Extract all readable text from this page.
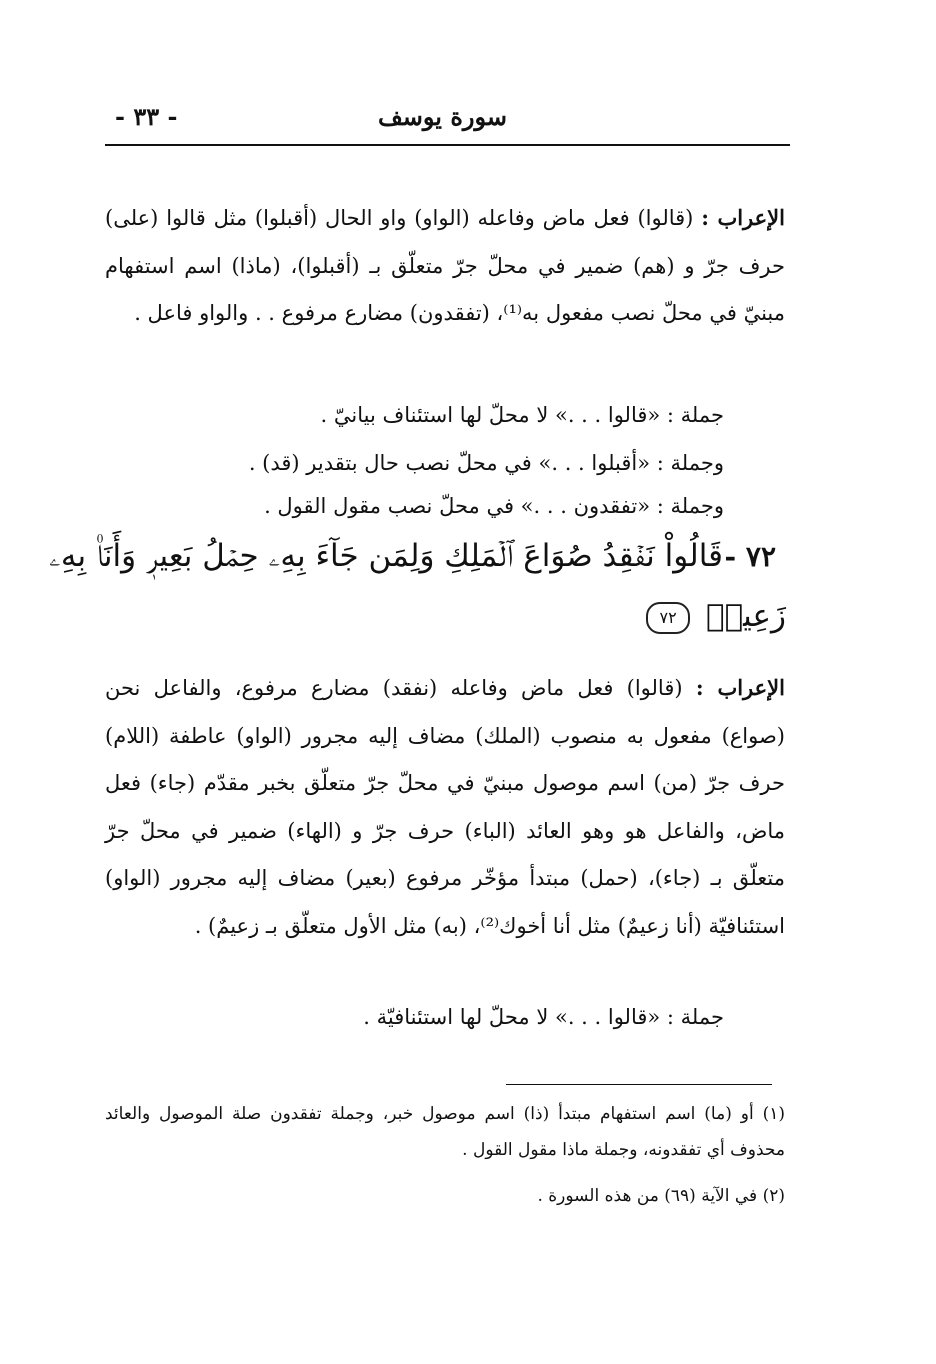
سورة يوسف
- ٣٣ -
الإعراب : (قالوا) فعل ماض وفاعله (الواو) واو الحال (أقبلوا) مثل قالوا (على) حرف جرّ و (هم) ضمير في محلّ جرّ متعلّق بـ (أقبلوا)، (ماذا) اسم استفهام مبنيّ في محلّ نصب مفعول به⁽¹⁾، (تفقدون) مضارع مرفوع . . والواو فاعل .
جملة : «قالوا . . .» لا محلّ لها استئناف بيانيّ .
وجملة : «أقبلوا . . .» في محلّ نصب حال بتقدير (قد) .
وجملة : «تفقدون . . .» في محلّ نصب مقول القول .
٧٢ -
قَالُواْ نَفۡقِدُ صُوَاعَ ٱلۡمَلِكِ وَلِمَن جَآءَ بِهِۦ حِمۡلُ بَعِيرٖ وَأَنَا۠ بِهِۦ
زَعِيمٞ ٧٢
الإعراب : (قالوا) فعل ماض وفاعله (نفقد) مضارع مرفوع، والفاعل نحن (صواع) مفعول به منصوب (الملك) مضاف إليه مجرور (الواو) عاطفة (اللام) حرف جرّ (من) اسم موصول مبنيّ في محلّ جرّ متعلّق بخبر مقدّم (جاء) فعل ماض، والفاعل هو وهو العائد (الباء) حرف جرّ و (الهاء) ضمير في محلّ جرّ متعلّق بـ (جاء)، (حمل) مبتدأ مؤخّر مرفوع (بعير) مضاف إليه مجرور (الواو) استئنافيّة (أنا زعيمٌ) مثل أنا أخوك⁽²⁾، (به) مثل الأول متعلّق بـ زعيمٌ) .
جملة : «قالوا . . .» لا محلّ لها استئنافيّة .
(١) أو (ما) اسم استفهام مبتدأ (ذا) اسم موصول خبر، وجملة تفقدون صلة الموصول والعائد محذوف أي تفقدونه، وجملة ماذا مقول القول .
(٢) في الآية (٦٩) من هذه السورة .
